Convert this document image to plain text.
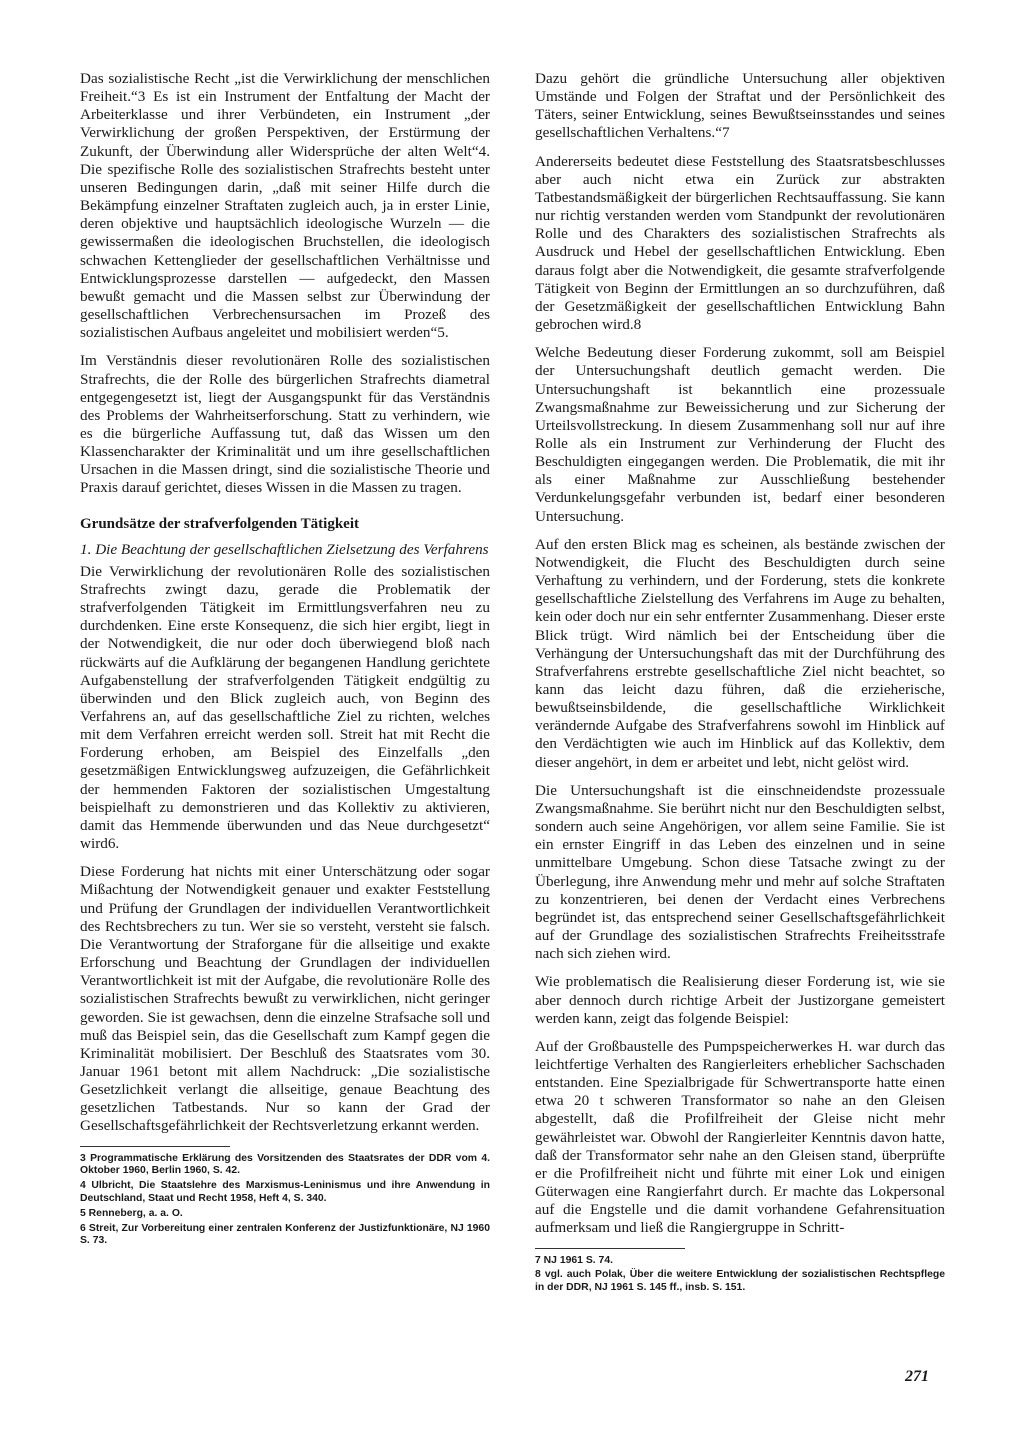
Das sozialistische Recht „ist die Verwirklichung der menschlichen Freiheit.“3 Es ist ein Instrument der Entfaltung der Macht der Arbeiterklasse und ihrer Verbündeten, ein Instrument „der Verwirklichung der großen Perspektiven, der Erstürmung der Zukunft, der Überwindung aller Widersprüche der alten Welt“4. Die spezifische Rolle des sozialistischen Strafrechts besteht unter unseren Bedingungen darin, „daß mit seiner Hilfe durch die Bekämpfung einzelner Straftaten zugleich auch, ja in erster Linie, deren objektive und hauptsächlich ideologische Wurzeln — die gewissermaßen die ideologischen Bruchstellen, die ideologisch schwachen Kettenglieder der gesellschaftlichen Verhältnisse und Entwicklungsprozesse darstellen — aufgedeckt, den Massen bewußt gemacht und die Massen selbst zur Überwindung der gesellschaftlichen Verbrechensursachen im Prozeß des sozialistischen Aufbaus angeleitet und mobilisiert werden“5.

Im Verständnis dieser revolutionären Rolle des sozialistischen Strafrechts, die der Rolle des bürgerlichen Strafrechts diametral entgegengesetzt ist, liegt der Ausgangspunkt für das Verständnis des Problems der Wahrheitserforschung. Statt zu verhindern, wie es die bürgerliche Auffassung tut, daß das Wissen um den Klassencharakter der Kriminalität und um ihre gesellschaftlichen Ursachen in die Massen dringt, sind die sozialistische Theorie und Praxis darauf gerichtet, dieses Wissen in die Massen zu tragen.

Grundsätze der strafverfolgenden Tätigkeit
1. Die Beachtung der gesellschaftlichen Zielsetzung des Verfahrens

Die Verwirklichung der revolutionären Rolle des sozialistischen Strafrechts zwingt dazu, gerade die Problematik der strafverfolgenden Tätigkeit im Ermittlungsverfahren neu zu durchdenken. Eine erste Konsequenz, die sich hier ergibt, liegt in der Notwendigkeit, die nur oder doch überwiegend bloß nach rückwärts auf die Aufklärung der begangenen Handlung gerichtete Aufgabenstellung der strafverfolgenden Tätigkeit endgültig zu überwinden und den Blick zugleich auch, von Beginn des Verfahrens an, auf das gesellschaftliche Ziel zu richten, welches mit dem Verfahren erreicht werden soll. Streit hat mit Recht die Forderung erhoben, am Beispiel des Einzelfalls „den gesetzmäßigen Entwicklungsweg aufzuzeigen, die Gefährlichkeit der hemmenden Faktoren der sozialistischen Umgestaltung beispielhaft zu demonstrieren und das Kollektiv zu aktivieren, damit das Hemmende überwunden und das Neue durchgesetzt“ wird6.

Diese Forderung hat nichts mit einer Unterschätzung oder sogar Mißachtung der Notwendigkeit genauer und exakter Feststellung und Prüfung der Grundlagen der individuellen Verantwortlichkeit des Rechtsbrechers zu tun. Wer sie so versteht, versteht sie falsch. Die Verantwortung der Straforgane für die allseitige und exakte Erforschung und Beachtung der Grundlagen der individuellen Verantwortlichkeit ist mit der Aufgabe, die revolutionäre Rolle des sozialistischen Strafrechts bewußt zu verwirklichen, nicht geringer geworden. Sie ist gewachsen, denn die einzelne Strafsache soll und muß das Beispiel sein, das die Gesellschaft zum Kampf gegen die Kriminalität mobilisiert. Der Beschluß des Staatsrates vom 30. Januar 1961 betont mit allem Nachdruck: „Die sozialistische Gesetzlichkeit verlangt die allseitige, genaue Beachtung des gesetzlichen Tatbestands. Nur so kann der Grad der Gesellschaftsgefährlichkeit der Rechtsverletzung erkannt werden.

3 Programmatische Erklärung des Vorsitzenden des Staatsrates der DDR vom 4. Oktober 1960, Berlin 1960, S. 42.
4 Ulbricht, Die Staatslehre des Marxismus-Leninismus und ihre Anwendung in Deutschland, Staat und Recht 1958, Heft 4, S. 340.
5 Renneberg, a. a. O.
6 Streit, Zur Vorbereitung einer zentralen Konferenz der Justizfunktionäre, NJ 1960 S. 73.

Dazu gehört die gründliche Untersuchung aller objektiven Umstände und Folgen der Straftat und der Persönlichkeit des Täters, seiner Entwicklung, seines Bewußtseinsstandes und seines gesellschaftlichen Verhaltens.“7

Andererseits bedeutet diese Feststellung des Staatsratsbeschlusses aber auch nicht etwa ein Zurück zur abstrakten Tatbestandsmäßigkeit der bürgerlichen Rechtsauffassung. Sie kann nur richtig verstanden werden vom Standpunkt der revolutionären Rolle und des Charakters des sozialistischen Strafrechts als Ausdruck und Hebel der gesellschaftlichen Entwicklung. Eben daraus folgt aber die Notwendigkeit, die gesamte strafverfolgende Tätigkeit von Beginn der Ermittlungen an so durchzuführen, daß der Gesetzmäßigkeit der gesellschaftlichen Entwicklung Bahn gebrochen wird.8

Welche Bedeutung dieser Forderung zukommt, soll am Beispiel der Untersuchungshaft deutlich gemacht werden. Die Untersuchungshaft ist bekanntlich eine prozessuale Zwangsmaßnahme zur Beweissicherung und zur Sicherung der Urteilsvollstreckung. In diesem Zusammenhang soll nur auf ihre Rolle als ein Instrument zur Verhinderung der Flucht des Beschuldigten eingegangen werden. Die Problematik, die mit ihr als einer Maßnahme zur Ausschließung bestehender Verdunkelungsgefahr verbunden ist, bedarf einer besonderen Untersuchung.

Auf den ersten Blick mag es scheinen, als bestände zwischen der Notwendigkeit, die Flucht des Beschuldigten durch seine Verhaftung zu verhindern, und der Forderung, stets die konkrete gesellschaftliche Zielstellung des Verfahrens im Auge zu behalten, kein oder doch nur ein sehr entfernter Zusammenhang. Dieser erste Blick trügt. Wird nämlich bei der Entscheidung über die Verhängung der Untersuchungshaft das mit der Durchführung des Strafverfahrens erstrebte gesellschaftliche Ziel nicht beachtet, so kann das leicht dazu führen, daß die erzieherische, bewußtseinsbildende, die gesellschaftliche Wirklichkeit verändernde Aufgabe des Strafverfahrens sowohl im Hinblick auf den Verdächtigten wie auch im Hinblick auf das Kollektiv, dem dieser angehört, in dem er arbeitet und lebt, nicht gelöst wird.

Die Untersuchungshaft ist die einschneidendste prozessuale Zwangsmaßnahme. Sie berührt nicht nur den Beschuldigten selbst, sondern auch seine Angehörigen, vor allem seine Familie. Sie ist ein ernster Eingriff in das Leben des einzelnen und in seine unmittelbare Umgebung. Schon diese Tatsache zwingt zu der Überlegung, ihre Anwendung mehr und mehr auf solche Straftaten zu konzentrieren, bei denen der Verdacht eines Verbrechens begründet ist, das entsprechend seiner Gesellschaftsgefährlichkeit auf der Grundlage des sozialistischen Strafrechts Freiheitsstrafe nach sich ziehen wird.

Wie problematisch die Realisierung dieser Forderung ist, wie sie aber dennoch durch richtige Arbeit der Justizorgane gemeistert werden kann, zeigt das folgende Beispiel:

Auf der Großbaustelle des Pumpspeicherwerkes H. war durch das leichtfertige Verhalten des Rangierleiters erheblicher Sachschaden entstanden. Eine Spezialbrigade für Schwertransporte hatte einen etwa 20 t schweren Transformator so nahe an den Gleisen abgestellt, daß die Profilfreiheit der Gleise nicht mehr gewährleistet war. Obwohl der Rangierleiter Kenntnis davon hatte, daß der Transformator sehr nahe an den Gleisen stand, überprüfte er die Profilfreiheit nicht und führte mit einer Lok und einigen Güterwagen eine Rangierfahrt durch. Er machte das Lokpersonal auf die Engstelle und die damit vorhandene Gefahrensituation aufmerksam und ließ die Rangiergruppe in Schritt-

7 NJ 1961 S. 74.
8 vgl. auch Polak, Über die weitere Entwicklung der sozialistischen Rechtspflege in der DDR, NJ 1961 S. 145 ff., insb. S. 151.
271
